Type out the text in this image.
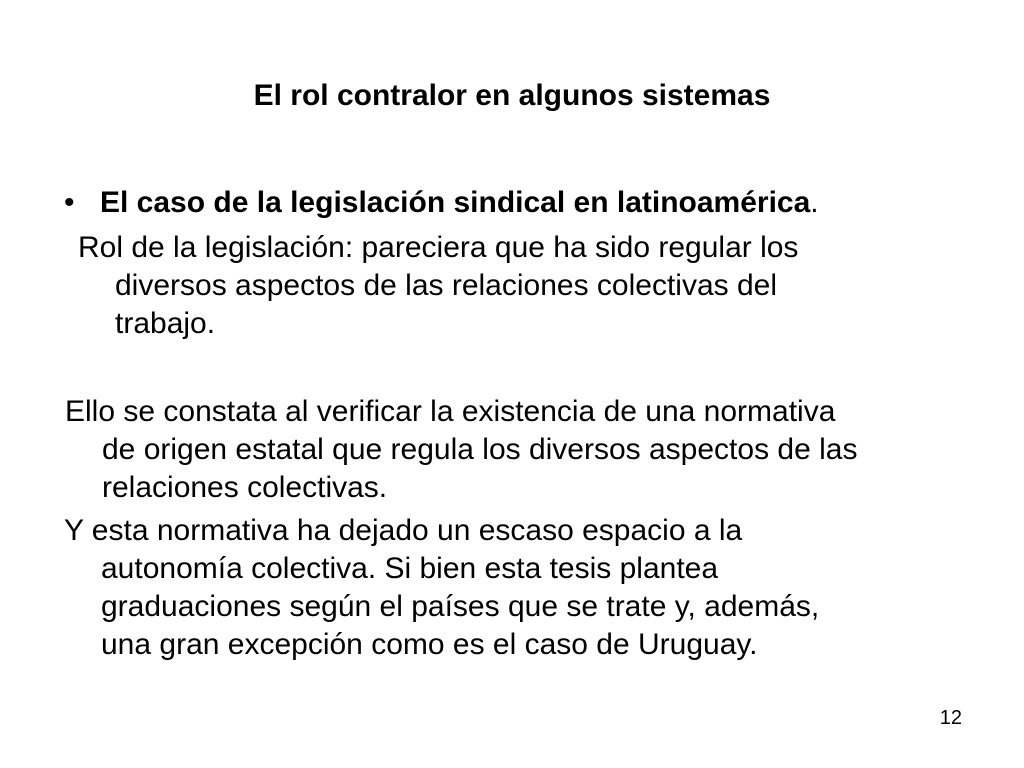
El rol contralor en algunos sistemas
• El caso de la legislación sindical en latinoamérica.
Rol de la legislación: pareciera que ha sido regular los
diversos aspectos de las relaciones colectivas del
trabajo.
Ello se constata al verificar la existencia de una normativa
de origen estatal que regula los diversos aspectos de las
relaciones colectivas.
Y esta normativa ha dejado un escaso espacio a la
autonomía colectiva. Si bien esta tesis plantea
graduaciones según el países que se trate y, además,
una gran excepción como es el caso de Uruguay.
12
